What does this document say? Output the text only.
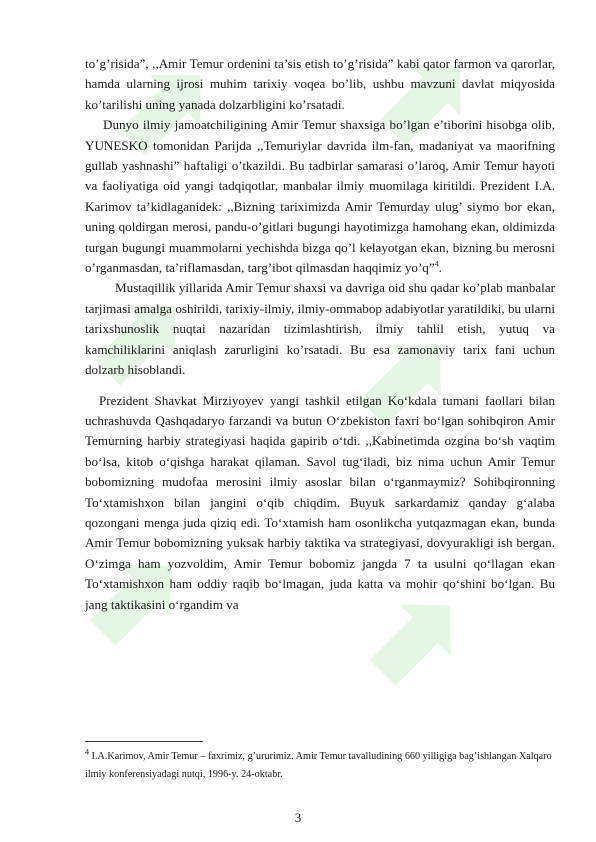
to’g’risida”, ,,Amir Temur ordenini ta’sis etish to’g’risida” kabi qator farmon va qarorlar, hamda ularning ijrosi muhim tarixiy voqea bo’lib, ushbu mavzuni davlat miqyosida ko’tarilishi uning yanada dolzarbligini ko’rsatadi.

Dunyo ilmiy jamoatchiligining Amir Temur shaxsiga bo’lgan e’tiborini hisobga olib, YUNESKO tomonidan Parijda ,,Temuriylar davrida ilm-fan, madaniyat va maorifning gullab yashnashi” haftaligi o’tkazildi. Bu tadbirlar samarasi o’laroq, Amir Temur hayoti va faoliyatiga oid yangi tadqiqotlar, manbalar ilmiy muomilaga kiritildi. Prezident I.A. Karimov ta’kidlaganidek: ,,Bizning tariximizda Amir Temurday ulug’ siymo bor ekan, uning qoldirgan merosi, pandu-o’gitlari bugungi hayotimizga hamohang ekan, oldimizda turgan bugungi muammolarni yechishda bizga qo’l kelayotgan ekan, bizning bu merosni o’rganmasdan, ta’riflamasdan, targ’ibot qilmasdan haqqimiz yo’q”$^4$.

Mustaqillik yillarida Amir Temur shaxsi va davriga oid shu qadar ko’plab manbalar tarjimasi amalga oshirildi, tarixiy-ilmiy, ilmiy-ommabop adabiyotlar yaratildiki, bu ularni tarixshunoslik nuqtai nazaridan tizimlashtirish, ilmiy tahlil etish, yutuq va kamchiliklarini aniqlash zarurligini ko’rsatadi. Bu esa zamonaviy tarix fani uchun dolzarb hisoblandi.

Prezident Shavkat Mirziyoyev yangi tashkil etilgan Ko‘kdala tumani faollari bilan uchrashuvda Qashqadaryo farzandi va butun O‘zbekiston faxri bo‘lgan sohibqiron Amir Temurning harbiy strategiyasi haqida gapirib o‘tdi. ,,Kabinetimda ozgina bo‘sh vaqtim bo‘lsa, kitob o‘qishga harakat qilaman. Savol tug‘iladi, biz nima uchun Amir Temur bobomizning mudofaa merosini ilmiy asoslar bilan o‘rganmaymiz? Sohibqironning To‘xtamishxon bilan jangini o‘qib chiqdim. Buyuk sarkardamiz qanday g‘alaba qozongani menga juda qiziq edi. To‘xtamish ham osonlikcha yutqazmagan ekan, bunda Amir Temur bobomizning yuksak harbiy taktika va strategiyasi, dovyurakligi ish bergan. O‘zimga ham yozvoldim, Amir Temur bobomiz jangda 7 ta usulni qo‘llagan ekan To‘xtamishxon ham oddiy raqib bo‘lmagan, juda katta va mohir qo‘shini bo‘lgan. Bu jang taktikasini o‘rgandim va

$^4$ I.A.Karimov, Amir Temur – faxrimiz, g’ururimiz. Amir Temur tavalludining 660 yilligiga bag’ishlangan Xalqaro ilmiy konferensiyadagi nutqi, 1996-y. 24-oktabr.
3
